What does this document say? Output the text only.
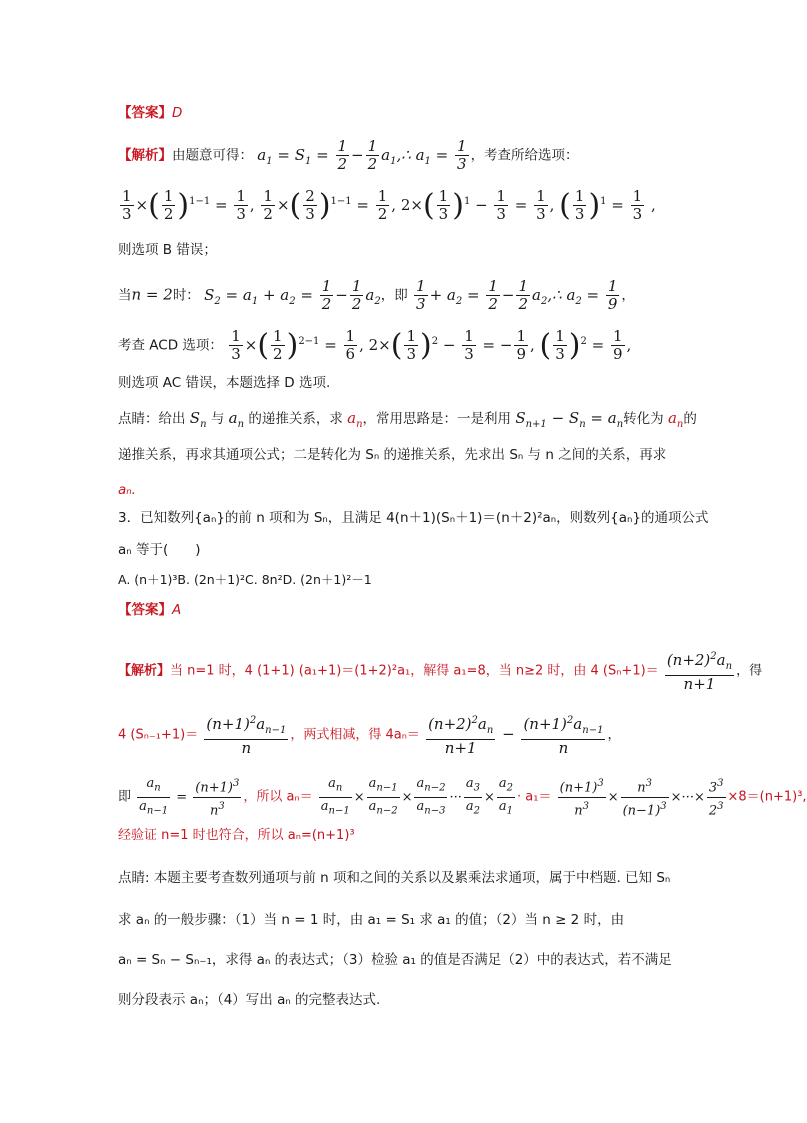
【答案】D
【解析】由题意可得： $a_1 = S_1 = \frac{1}{2} - \frac{1}{2}$ $a_1,\therefore$ $a_1 = \frac{1}{3}$ ，考查所给选项：
$\frac{1}{3}$ ×( $\frac{1}{2} )^{1-1} = \frac{1}{3}$ , $\frac{1}{2}$ ×( $\frac{2}{3} )^{1-1} = \frac{1}{2}$ , $2\times( \frac{1}{3} )^1 - \frac{1}{3} = \frac{1}{3}$ , ( $\frac{1}{3} )^1 = \frac{1}{3}$ ,
则选项 B 错误；
当n = 2时： $S_2 = a_1 + a_2 = \frac{1}{2} - \frac{1}{2} a_2$，即 $\frac{1}{3} + a_2 = \frac{1}{2} - \frac{1}{2}$ $a_2,\therefore$ $a_2 = \frac{1}{9}$ ，
考查 ACD 选项： $\frac{1}{3}$ ×( $\frac{1}{2} )^{2-1} = \frac{1}{6}$ , $2\times( \frac{1}{3} )^2 - \frac{1}{3}$ = − $\frac{1}{9}$ , ( $\frac{1}{3} )^2 = \frac{1}{9}$ ,
则选项 AC 错误，本题选择 D 选项.
点睛：给出 $S_n$ 与 $a_n$ 的递推关系，求 $a_n$，常用思路是：一是利用 $S_{n+1} - S_n = a_n$转化为 $a_n$的
递推关系，再求其通项公式；二是转化为 Sₙ 的递推关系，先求出 Sₙ 与 n 之间的关系，再求
aₙ.
3．已知数列{aₙ}的前 n 项和为 Sₙ，且满足 4(n＋1)(Sₙ＋1)＝(n＋2)²aₙ，则数列{aₙ}的通项公式
aₙ 等于(　　)
A. (n＋1)³B. (2n＋1)²C. 8n²D. (2n＋1)²－1
【答案】A
【解析】当 n=1 时，4 (1+1) (a₁+1)＝(1+2)²a₁，解得 a₁=8，当 n≥2 时，由 4 $(S_n+1)= \frac{(n+2)^2a_n}{n+1}$ ，得
4 $(S_{n-1}+1)= \frac{(n+1)^2a_{n-1}}{n}$ ，两式相减，得 $4a_n= \frac{(n+2)^2a_n}{n+1} - \frac{(n+1)^2a_{n-1}}{n}$ ，
即 $\frac{a_n}{a_{n-1}} = \frac{(n+1)^3}{n^3}$ ，所以 $a_n= \frac{a_n}{a_{n-1}} \times \frac{a_{n-1}}{a_{n-2}} \times \frac{a_{n-2}}{a_{n-3}}$ ··· $\frac{a_3}{a_2} \times \frac{a_2}{a_1} \cdot a_1= \frac{(n+1)^3}{n^3} \times \frac{n^3}{(n-1)^3}$ ×···× $\frac{3^3}{2^3} \times 8=(n+1)^3$,
经验证 n=1 时也符合，所以 aₙ=(n+1)³
点睛: 本题主要考查数列通项与前 n 项和之间的关系以及累乘法求通项，属于中档题. 已知 Sₙ
求 aₙ 的一般步骤：（1）当 n = 1 时，由 a₁ = S₁ 求 a₁ 的值；（2）当 n ≥ 2 时，由
aₙ = Sₙ − Sₙ₋₁，求得 aₙ 的表达式；（3）检验 a₁ 的值是否满足（2）中的表达式，若不满足
则分段表示 aₙ；（4）写出 aₙ 的完整表达式.
